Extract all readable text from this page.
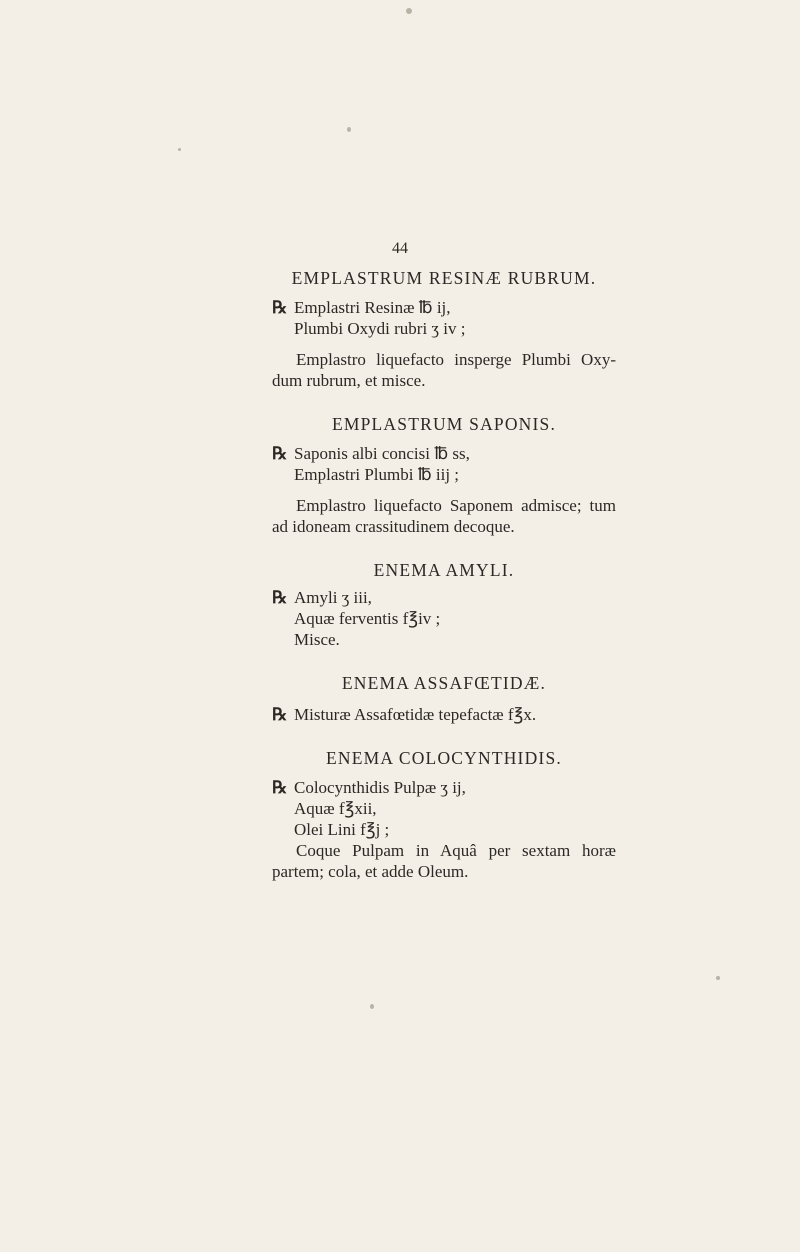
44
EMPLASTRUM RESINÆ RUBRUM.
℞ Emplastri Resinæ ℔ ij,
Plumbi Oxydi rubri ʒ iv ;
Emplastro liquefacto insperge Plumbi Oxy-dum rubrum, et misce.
EMPLASTRUM SAPONIS.
℞ Saponis albi concisi ℔ ss,
Emplastri Plumbi ℔ iij ;
Emplastro liquefacto Saponem admisce; tum ad idoneam crassitudinem decoque.
ENEMA AMYLI.
℞ Amyli ʒ iii,
Aquæ ferventis f℥iv ;
Misce.
ENEMA ASSAFŒTIDÆ.
℞ Misturæ Assafœtidæ tepefactæ f℥x.
ENEMA COLOCYNTHIDIS.
℞ Colocynthidis Pulpæ ʒ ij,
Aquæ f℥xii,
Olei Lini f℥j ;
Coque Pulpam in Aquâ per sextam horæ partem; cola, et adde Oleum.
